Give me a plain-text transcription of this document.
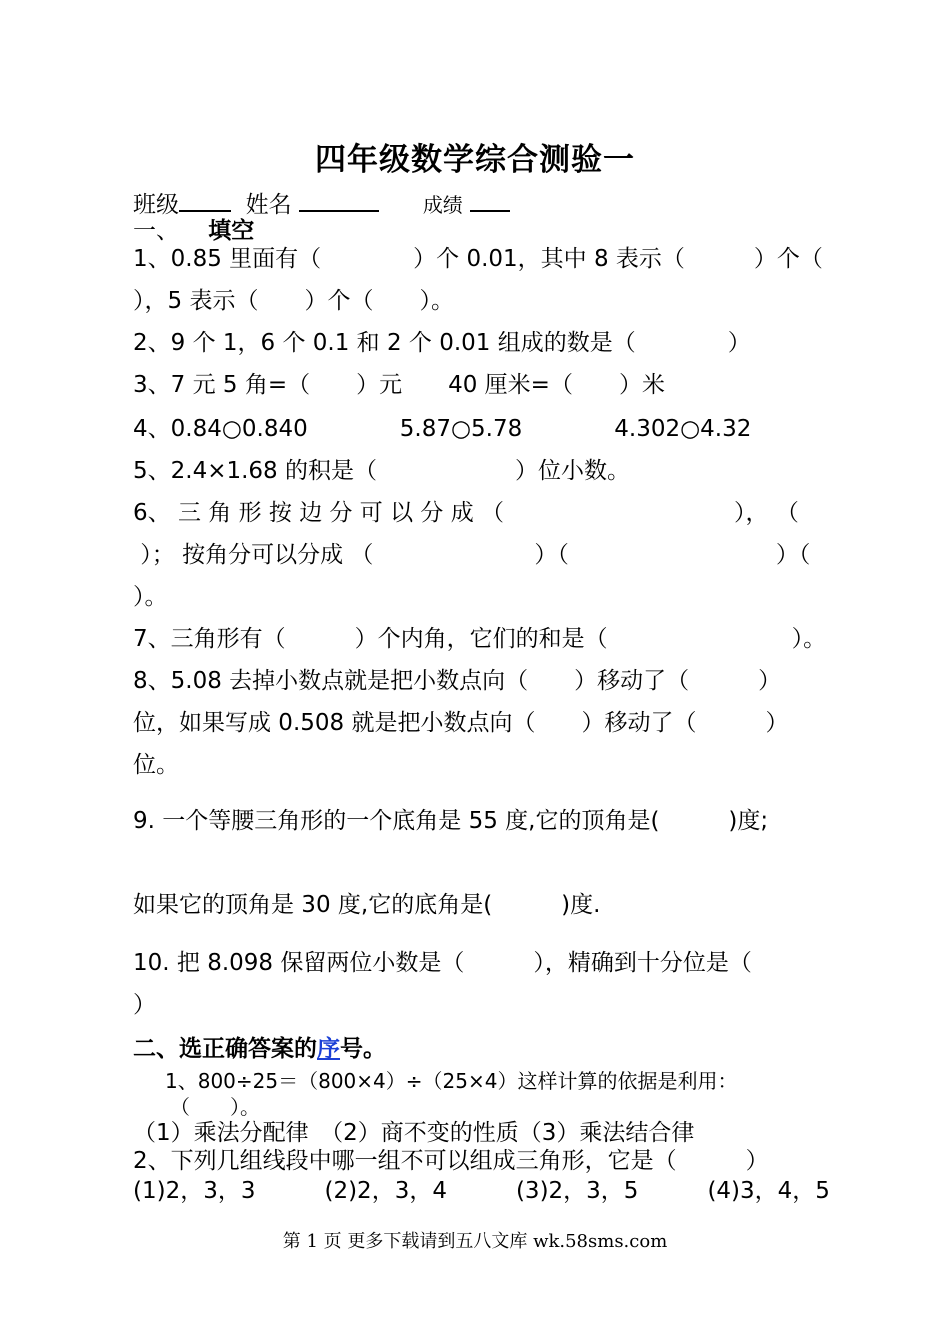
四年级数学综合测验一
班级	姓名	成绩
一、 填空
1、0.85 里面有（　　　　）个 0.01，其中 8 表示（　　　）个（
），5 表示（　　）个（　　）。
2、9 个 1，6 个 0.1 和 2 个 0.01 组成的数是（　　　　）
3、7 元 5 角=（　　）元　　40 厘米=（　　）米
4、0.84○0.840　　　　5.87○5.78　　　　4.302○4.32
5、2.4×1.68 的积是（　　　　　　）位小数。
6、 三 角 形 按 边 分 可 以 分 成 （　　　　　　　　　　）， （
）； 按角分可以分成 （　　　　　　　）（　　　　　　　　　）（
）。
7、三角形有（　　　）个内角，它们的和是（　　　　　　　　）。
8、5.08 去掉小数点就是把小数点向（　　）移动了（　　　）
位，如果写成 0.508 就是把小数点向（　　）移动了（　　　）
位。
9. 一个等腰三角形的一个底角是 55 度,它的顶角是(　　　)度;
如果它的顶角是 30 度,它的底角是(　　　)度.
10. 把 8.098 保留两位小数是（　　　），精确到十分位是（
）
二、选正确答案的序号。
1、800÷25＝（800×4）÷（25×4）这样计算的依据是利用：
（　　）。
（1）乘法分配律　（2）商不变的性质（3）乘法结合律
2、下列几组线段中哪一组不可以组成三角形，它是（　　　）
(1)2，3，3　　　(2)2，3，4　　　(3)2，3，5　　　(4)3，4，5
第 1 页 更多下载请到五八文库 wk.58sms.com
